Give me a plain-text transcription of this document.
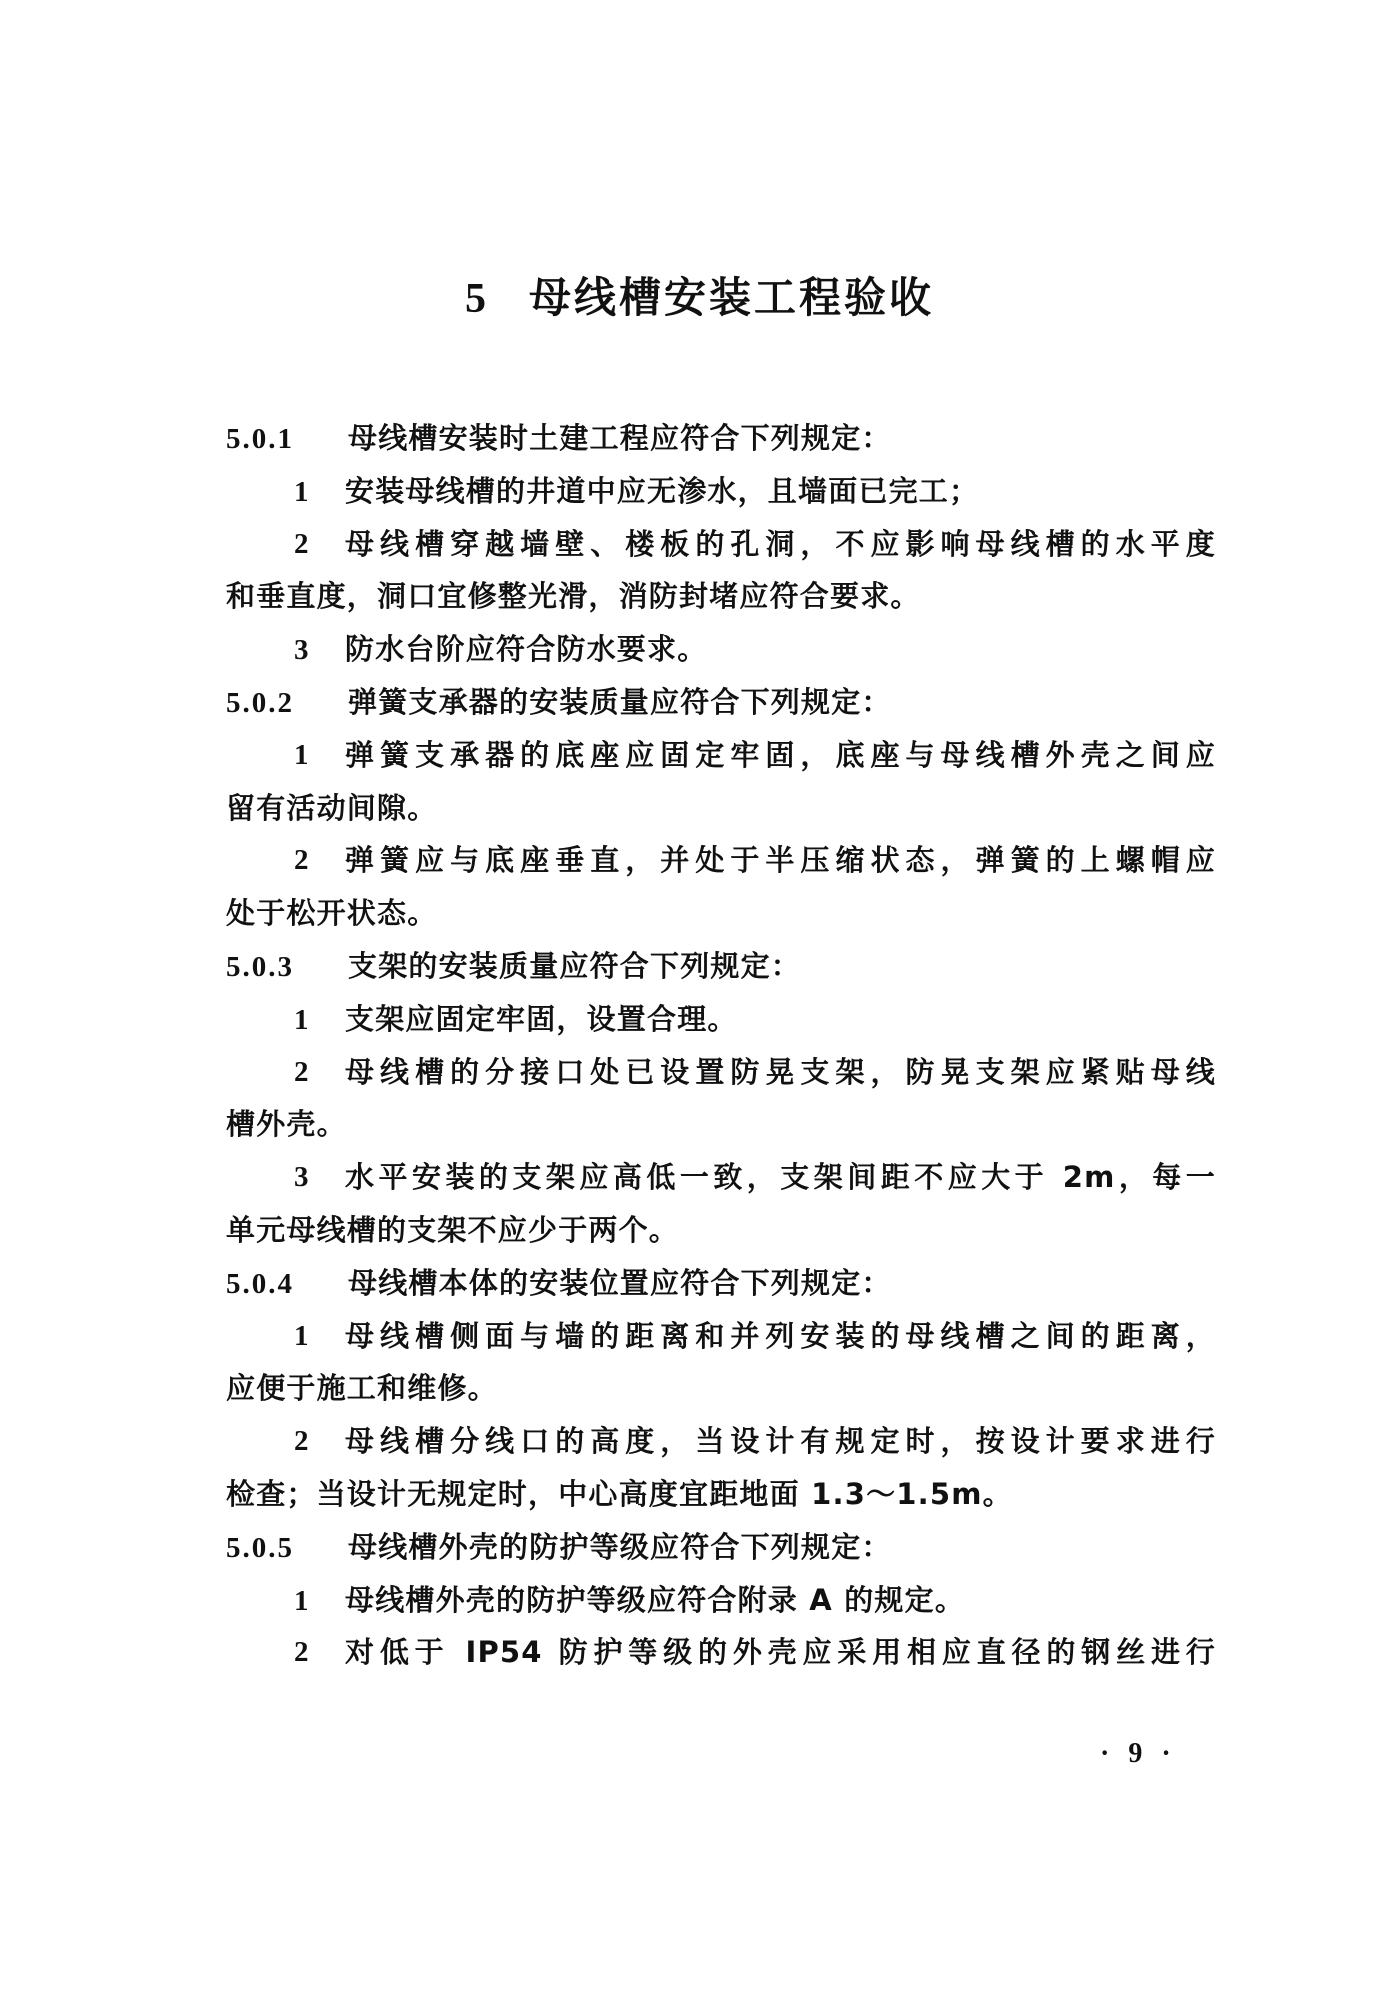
5 母线槽安装工程验收
5.0.1 母线槽安装时土建工程应符合下列规定：
1 安装母线槽的井道中应无渗水，且墙面已完工；
2	母线槽穿越墙壁、楼板的孔洞，不应影响母线槽的水平度
和垂直度，洞口宜修整光滑，消防封堵应符合要求。
3 防水台阶应符合防水要求。
5.0.2 弹簧支承器的安装质量应符合下列规定：
1	弹簧支承器的底座应固定牢固，底座与母线槽外壳之间应
留有活动间隙。
2	弹簧应与底座垂直，并处于半压缩状态，弹簧的上螺帽应
处于松开状态。
5.0.3 支架的安装质量应符合下列规定：
1 支架应固定牢固，设置合理。
2	母线槽的分接口处已设置防晃支架，防晃支架应紧贴母线
槽外壳。
3	水平安装的支架应高低一致，支架间距不应大于 2m，每一
单元母线槽的支架不应少于两个。
5.0.4 母线槽本体的安装位置应符合下列规定：
1	母线槽侧面与墙的距离和并列安装的母线槽之间的距离，
应便于施工和维修。
2	母线槽分线口的高度，当设计有规定时，按设计要求进行
检查；当设计无规定时，中心高度宜距地面 1.3～1.5m。
5.0.5 母线槽外壳的防护等级应符合下列规定：
1 母线槽外壳的防护等级应符合附录 A 的规定。
2	对低于 IP54 防护等级的外壳应采用相应直径的钢丝进行
· 9 ·
